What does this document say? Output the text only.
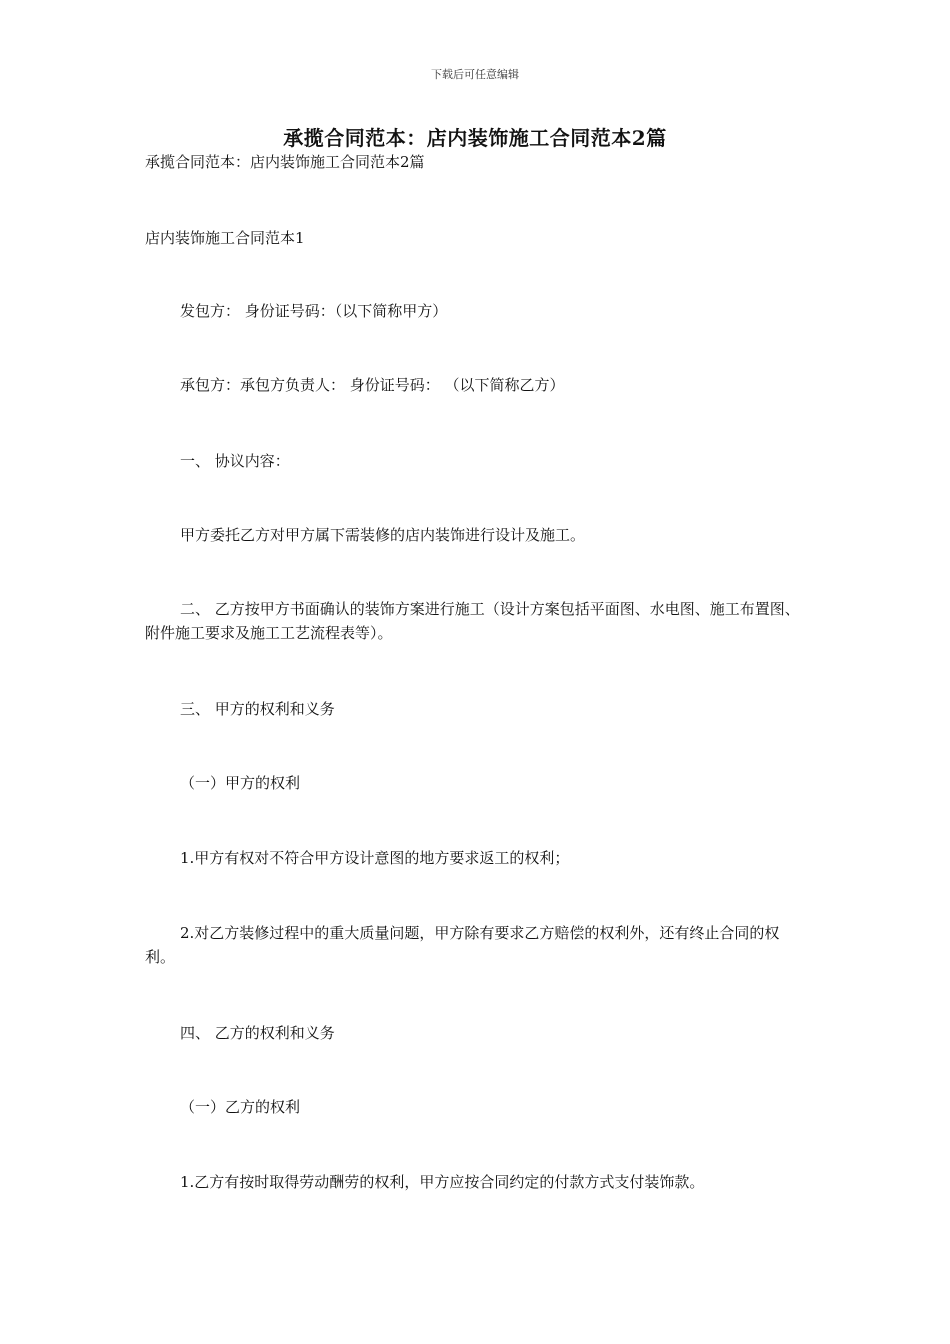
下载后可任意编辑
承揽合同范本：店内装饰施工合同范本2篇
承揽合同范本：店内装饰施工合同范本2篇
店内装饰施工合同范本1
发包方： 身份证号码：（以下简称甲方）
承包方：承包方负责人： 身份证号码： （以下简称乙方）
一、 协议内容：
甲方委托乙方对甲方属下需装修的店内装饰进行设计及施工。
二、 乙方按甲方书面确认的装饰方案进行施工（设计方案包括平面图、水电图、施工布置图、附件施工要求及施工工艺流程表等）。
三、 甲方的权利和义务
（一）甲方的权利
1.甲方有权对不符合甲方设计意图的地方要求返工的权利；
2.对乙方装修过程中的重大质量问题，甲方除有要求乙方赔偿的权利外，还有终止合同的权利。
四、 乙方的权利和义务
（一）乙方的权利
1.乙方有按时取得劳动酬劳的权利，甲方应按合同约定的付款方式支付装饰款。
